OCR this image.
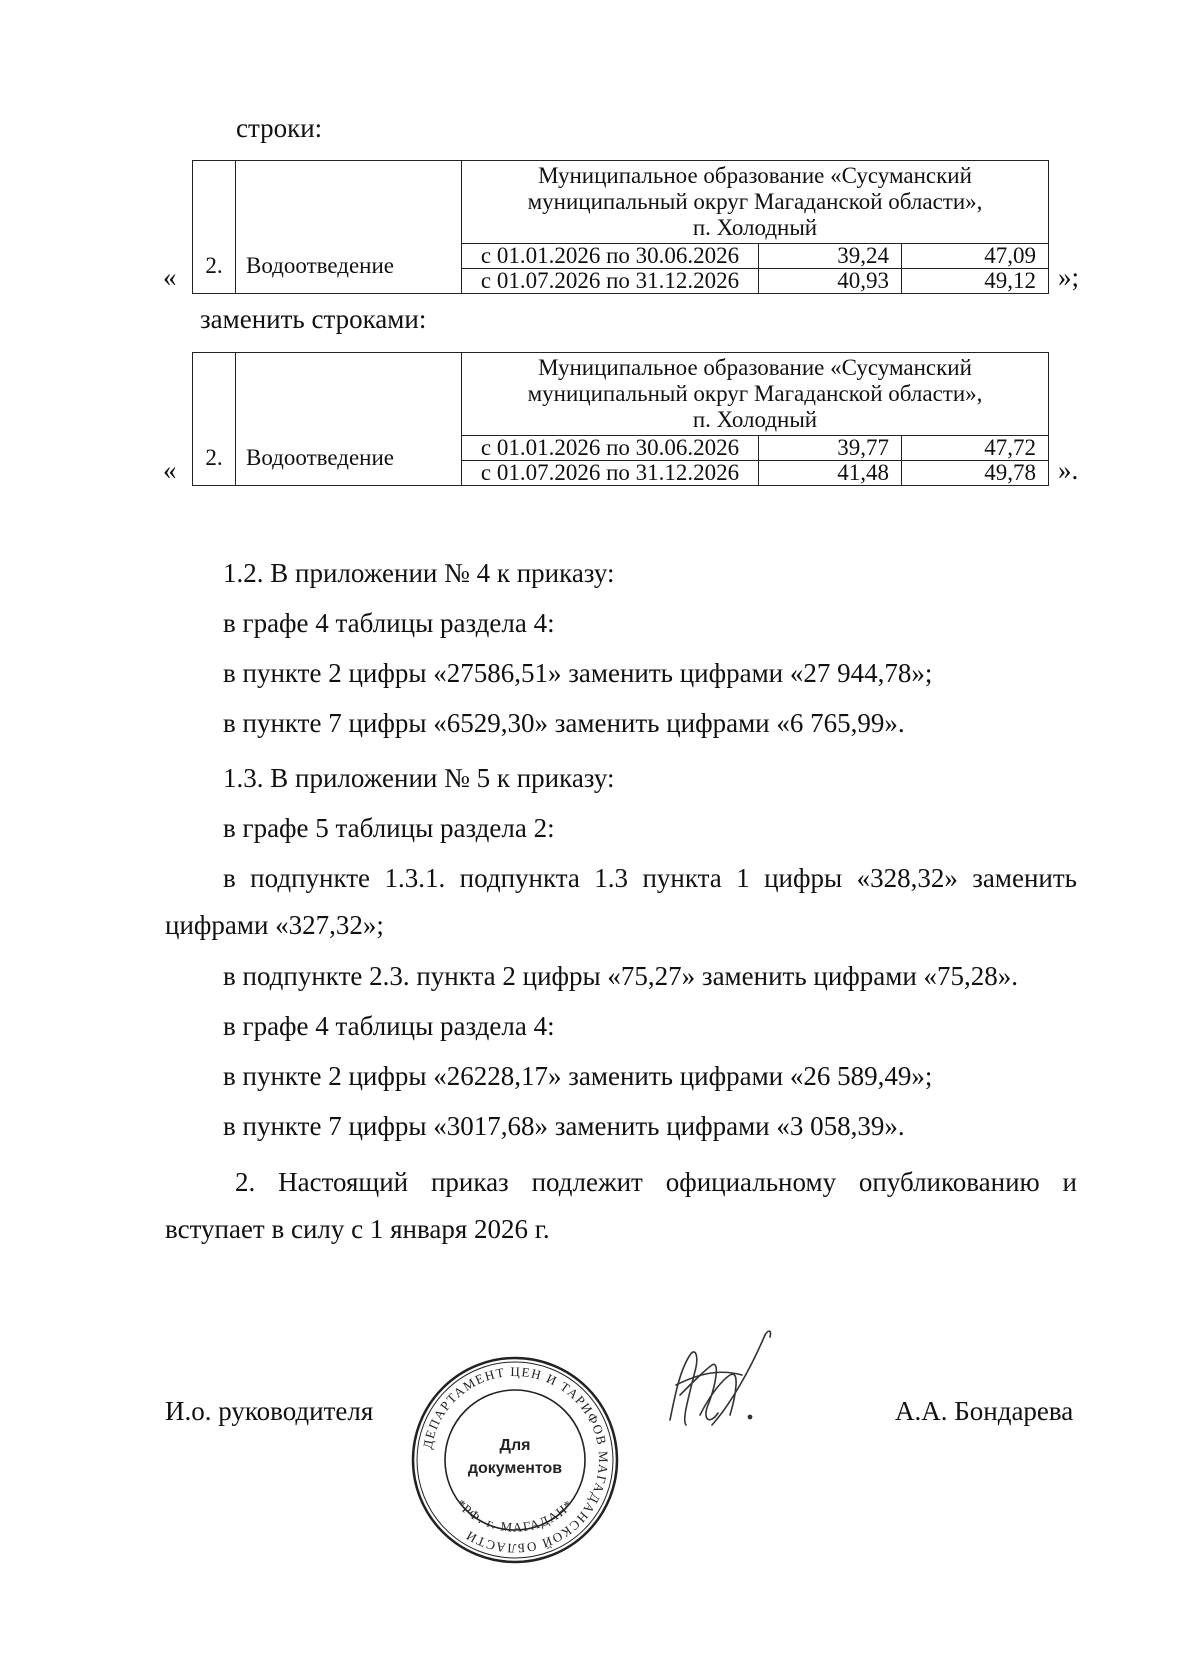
строки:
« 2.	Водоотведение	Муниципальное образование «Сусуманский
муниципальный округ Магаданской области»,
п. Холодный		

		с 01.01.2026 по 30.06.2026	39,24	47,09
		с 01.07.2026 по 31.12.2026	40,93	49,12 »;
заменить строками:
« 2.	Водоотведение	Муниципальное образование «Сусуманский
муниципальный округ Магаданской области»,
п. Холодный		

		с 01.01.2026 по 30.06.2026	39,77	47,72
		с 01.07.2026 по 31.12.2026	41,48	49,78 ».
1.2. В приложении № 4 к приказу:
в графе 4 таблицы раздела 4:
в пункте 2 цифры «27586,51» заменить цифрами «27 944,78»;
в пункте 7 цифры «6529,30» заменить цифрами «6 765,99».
1.3. В приложении № 5 к приказу:
в графе 5 таблицы раздела 2:
в подпункте 1.3.1. подпункта 1.3 пункта 1 цифры «328,32» заменить
цифрами «327,32»;
в подпункте 2.3. пункта 2 цифры «75,27» заменить цифрами «75,28».
в графе 4 таблицы раздела 4:
в пункте 2 цифры «26228,17» заменить цифрами «26 589,49»;
в пункте 7 цифры «3017,68» заменить цифрами «3 058,39».
2. Настоящий приказ подлежит официальному опубликованию и
вступает в силу с 1 января 2026 г.
И.о. руководителя	А.А. Бондарева
ДЕПАРТАМЕНТ ЦЕН И ТАРИФОВ МАГАДАНСКОЙ ОБЛАСТИ
*РФ. г. МАГАДАН*
Для
документов
